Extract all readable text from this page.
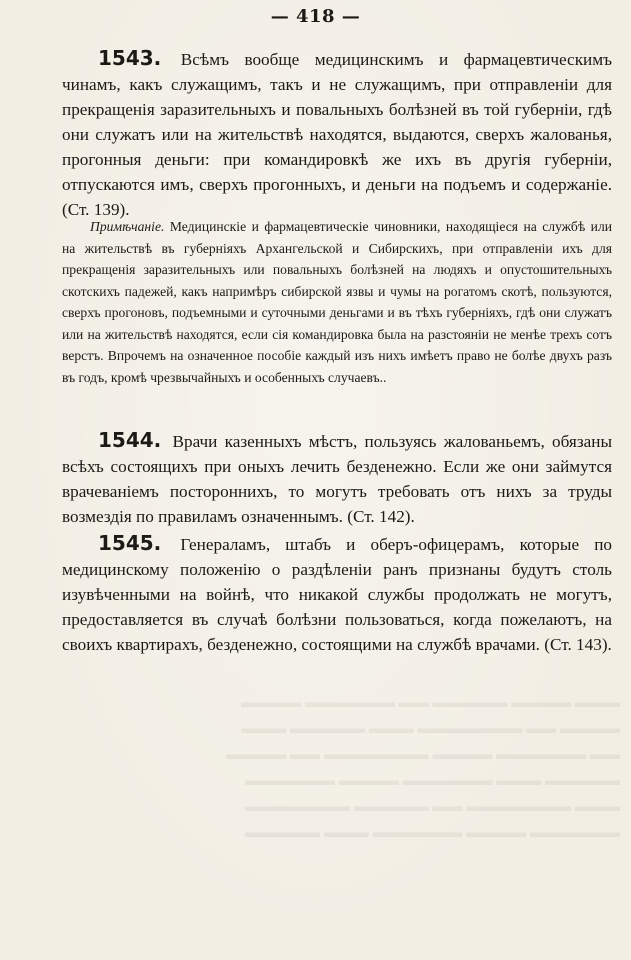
— 418 —
1543. Всѣмъ вообще медицинскимъ и фармацевтическимъ чинамъ, какъ служащимъ, такъ и не служащимъ, при отправленіи для прекращенія заразительныхъ и повальныхъ болѣзней въ той губерніи, гдѣ они служатъ или на жительствѣ находятся, выдаются, сверхъ жалованья, прогонныя деньги: при командировкѣ же ихъ въ другія губерніи, отпускаются имъ, сверхъ прогонныхъ, и деньги на подъемъ и содержаніе. (Ст. 139).
Примѣчаніе. Медицинскіе и фармацевтическіе чиновники, находящіеся на службѣ или на жительствѣ въ губерніяхъ Архангельской и Сибирскихъ, при отправленіи ихъ для прекращенія заразительныхъ или повальныхъ болѣзней на людяхъ и опустошительныхъ скотскихъ падежей, какъ напримѣръ сибирской язвы и чумы на рогатомъ скотѣ, пользуются, сверхъ прогоновъ, подъемными и суточными деньгами и въ тѣхъ губерніяхъ, гдѣ они служатъ или на жительствѣ находятся, если сія командировка была на разстояніи не менѣе трехъ сотъ верстъ. Впрочемъ на означенное пособіе каждый изъ нихъ имѣетъ право не болѣе двухъ разъ въ годъ, кромѣ чрезвычайныхъ и особенныхъ случаевъ..
1544. Врачи казенныхъ мѣстъ, пользуясь жалованьемъ, обязаны всѣхъ состоящихъ при оныхъ лечить безденежно. Если же они займутся врачеваніемъ постороннихъ, то могутъ требовать отъ нихъ за труды возмездія по правиламъ означеннымъ. (Ст. 142).
1545. Генераламъ, штабъ и оберъ-офицерамъ, которые по медицинскому положенію о раздѣленіи ранъ признаны будутъ столь изувѣченными на войнѣ, что никакой службы продолжать не могутъ, предоставляется въ случаѣ болѣзни пользоваться, когда пожелаютъ, на своихъ квартирахъ, безденежно, состоящими на службѣ врачами. (Ст. 143).
▬▬▬ ▬▬▬▬ ▬▬▬▬▬ ▬▬ ▬▬▬▬▬▬ ▬▬▬▬
▬▬▬▬ ▬▬ ▬▬▬▬▬▬▬ ▬▬▬ ▬▬▬▬▬ ▬▬▬
▬▬ ▬▬▬▬▬▬ ▬▬▬▬ ▬▬▬▬▬▬▬ ▬▬ ▬▬▬▬
▬▬▬▬▬ ▬▬▬ ▬▬▬▬▬▬ ▬▬▬▬ ▬▬▬▬▬▬
▬▬▬ ▬▬▬▬▬▬▬ ▬▬ ▬▬▬▬▬ ▬▬▬▬▬▬▬
▬▬▬▬▬▬ ▬▬▬▬ ▬▬▬▬▬▬ ▬▬▬ ▬▬▬▬▬
